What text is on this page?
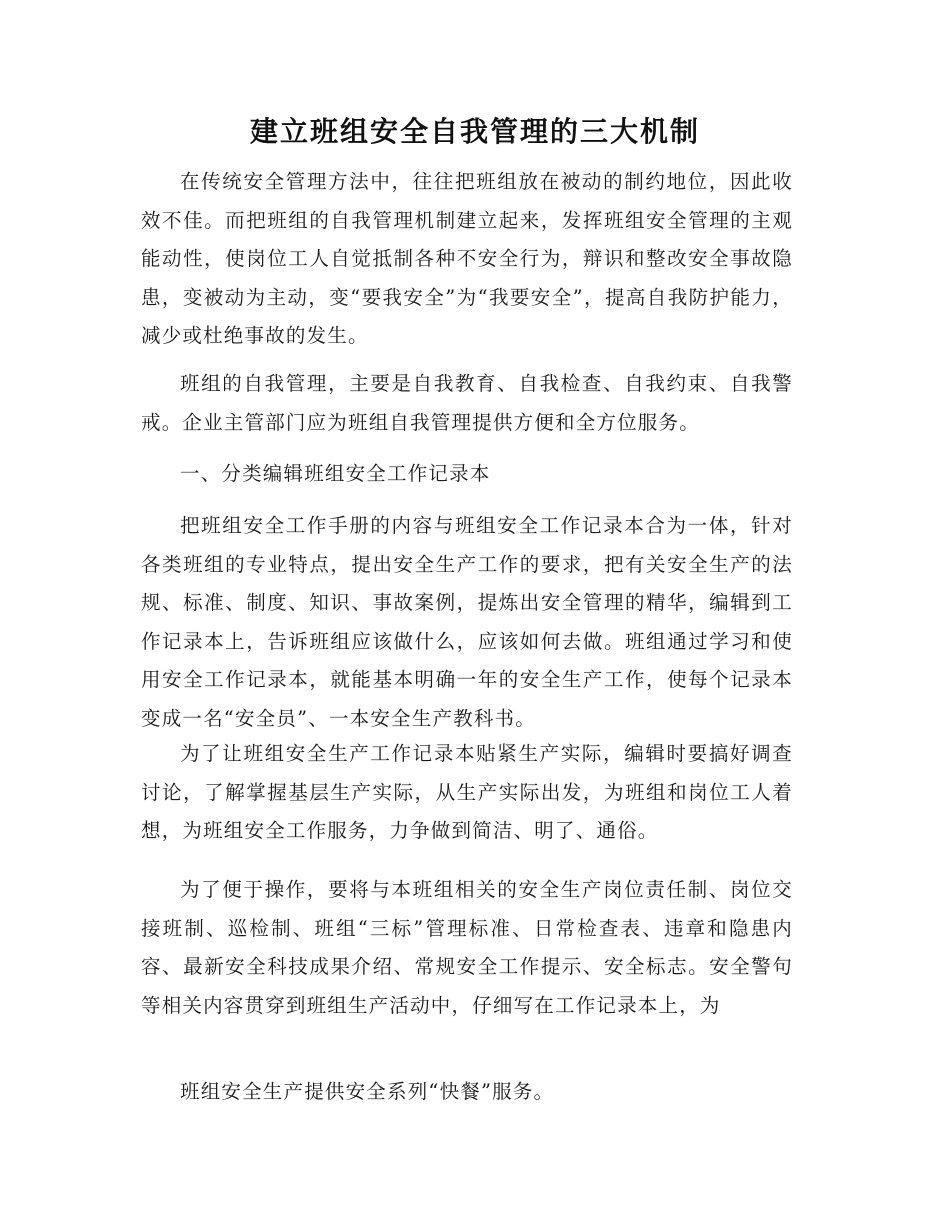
建立班组安全自我管理的三大机制

在传统安全管理方法中，往往把班组放在被动的制约地位，因此收效不佳。而把班组的自我管理机制建立起来，发挥班组安全管理的主观能动性，使岗位工人自觉抵制各种不安全行为，辩识和整改安全事故隐患，变被动为主动，变“要我安全”为“我要安全”，提高自我防护能力，减少或杜绝事故的发生。

班组的自我管理，主要是自我教育、自我检查、自我约束、自我警戒。企业主管部门应为班组自我管理提供方便和全方位服务。

一、分类编辑班组安全工作记录本

把班组安全工作手册的内容与班组安全工作记录本合为一体，针对各类班组的专业特点，提出安全生产工作的要求，把有关安全生产的法规、标准、制度、知识、事故案例，提炼出安全管理的精华，编辑到工作记录本上，告诉班组应该做什么，应该如何去做。班组通过学习和使用安全工作记录本，就能基本明确一年的安全生产工作，使每个记录本变成一名“安全员”、一本安全生产教科书。

为了让班组安全生产工作记录本贴紧生产实际，编辑时要搞好调查讨论，了解掌握基层生产实际，从生产实际出发，为班组和岗位工人着想，为班组安全工作服务，力争做到简洁、明了、通俗。

为了便于操作，要将与本班组相关的安全生产岗位责任制、岗位交接班制、巡检制、班组“三标”管理标准、日常检查表、违章和隐患内容、最新安全科技成果介绍、常规安全工作提示、安全标志。安全警句等相关内容贯穿到班组生产活动中，仔细写在工作记录本上，为

班组安全生产提供安全系列“快餐”服务。
